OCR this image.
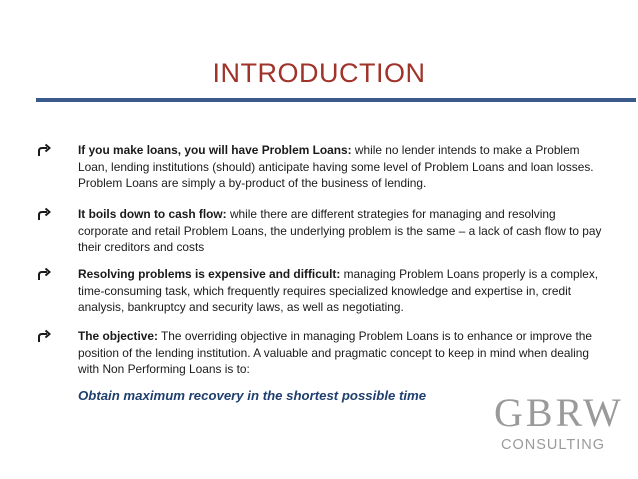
INTRODUCTION
If you make loans, you will have Problem Loans: while no lender intends to make a Problem Loan, lending institutions (should) anticipate having some level of Problem Loans and loan losses. Problem Loans are simply a by-product of the business of lending.
It boils down to cash flow: while there are different strategies for managing and resolving corporate and retail Problem Loans, the underlying problem is the same – a lack of cash flow to pay their creditors and costs
Resolving problems is expensive and difficult: managing Problem Loans properly is a complex, time-consuming task, which frequently requires specialized knowledge and expertise in, credit analysis, bankruptcy and security laws, as well as negotiating.
The objective: The overriding objective in managing Problem Loans is to enhance or improve the position of the lending institution. A valuable and pragmatic concept to keep in mind when dealing with Non Performing Loans is to:
Obtain maximum recovery in the shortest possible time GBRW
CONSULTING
